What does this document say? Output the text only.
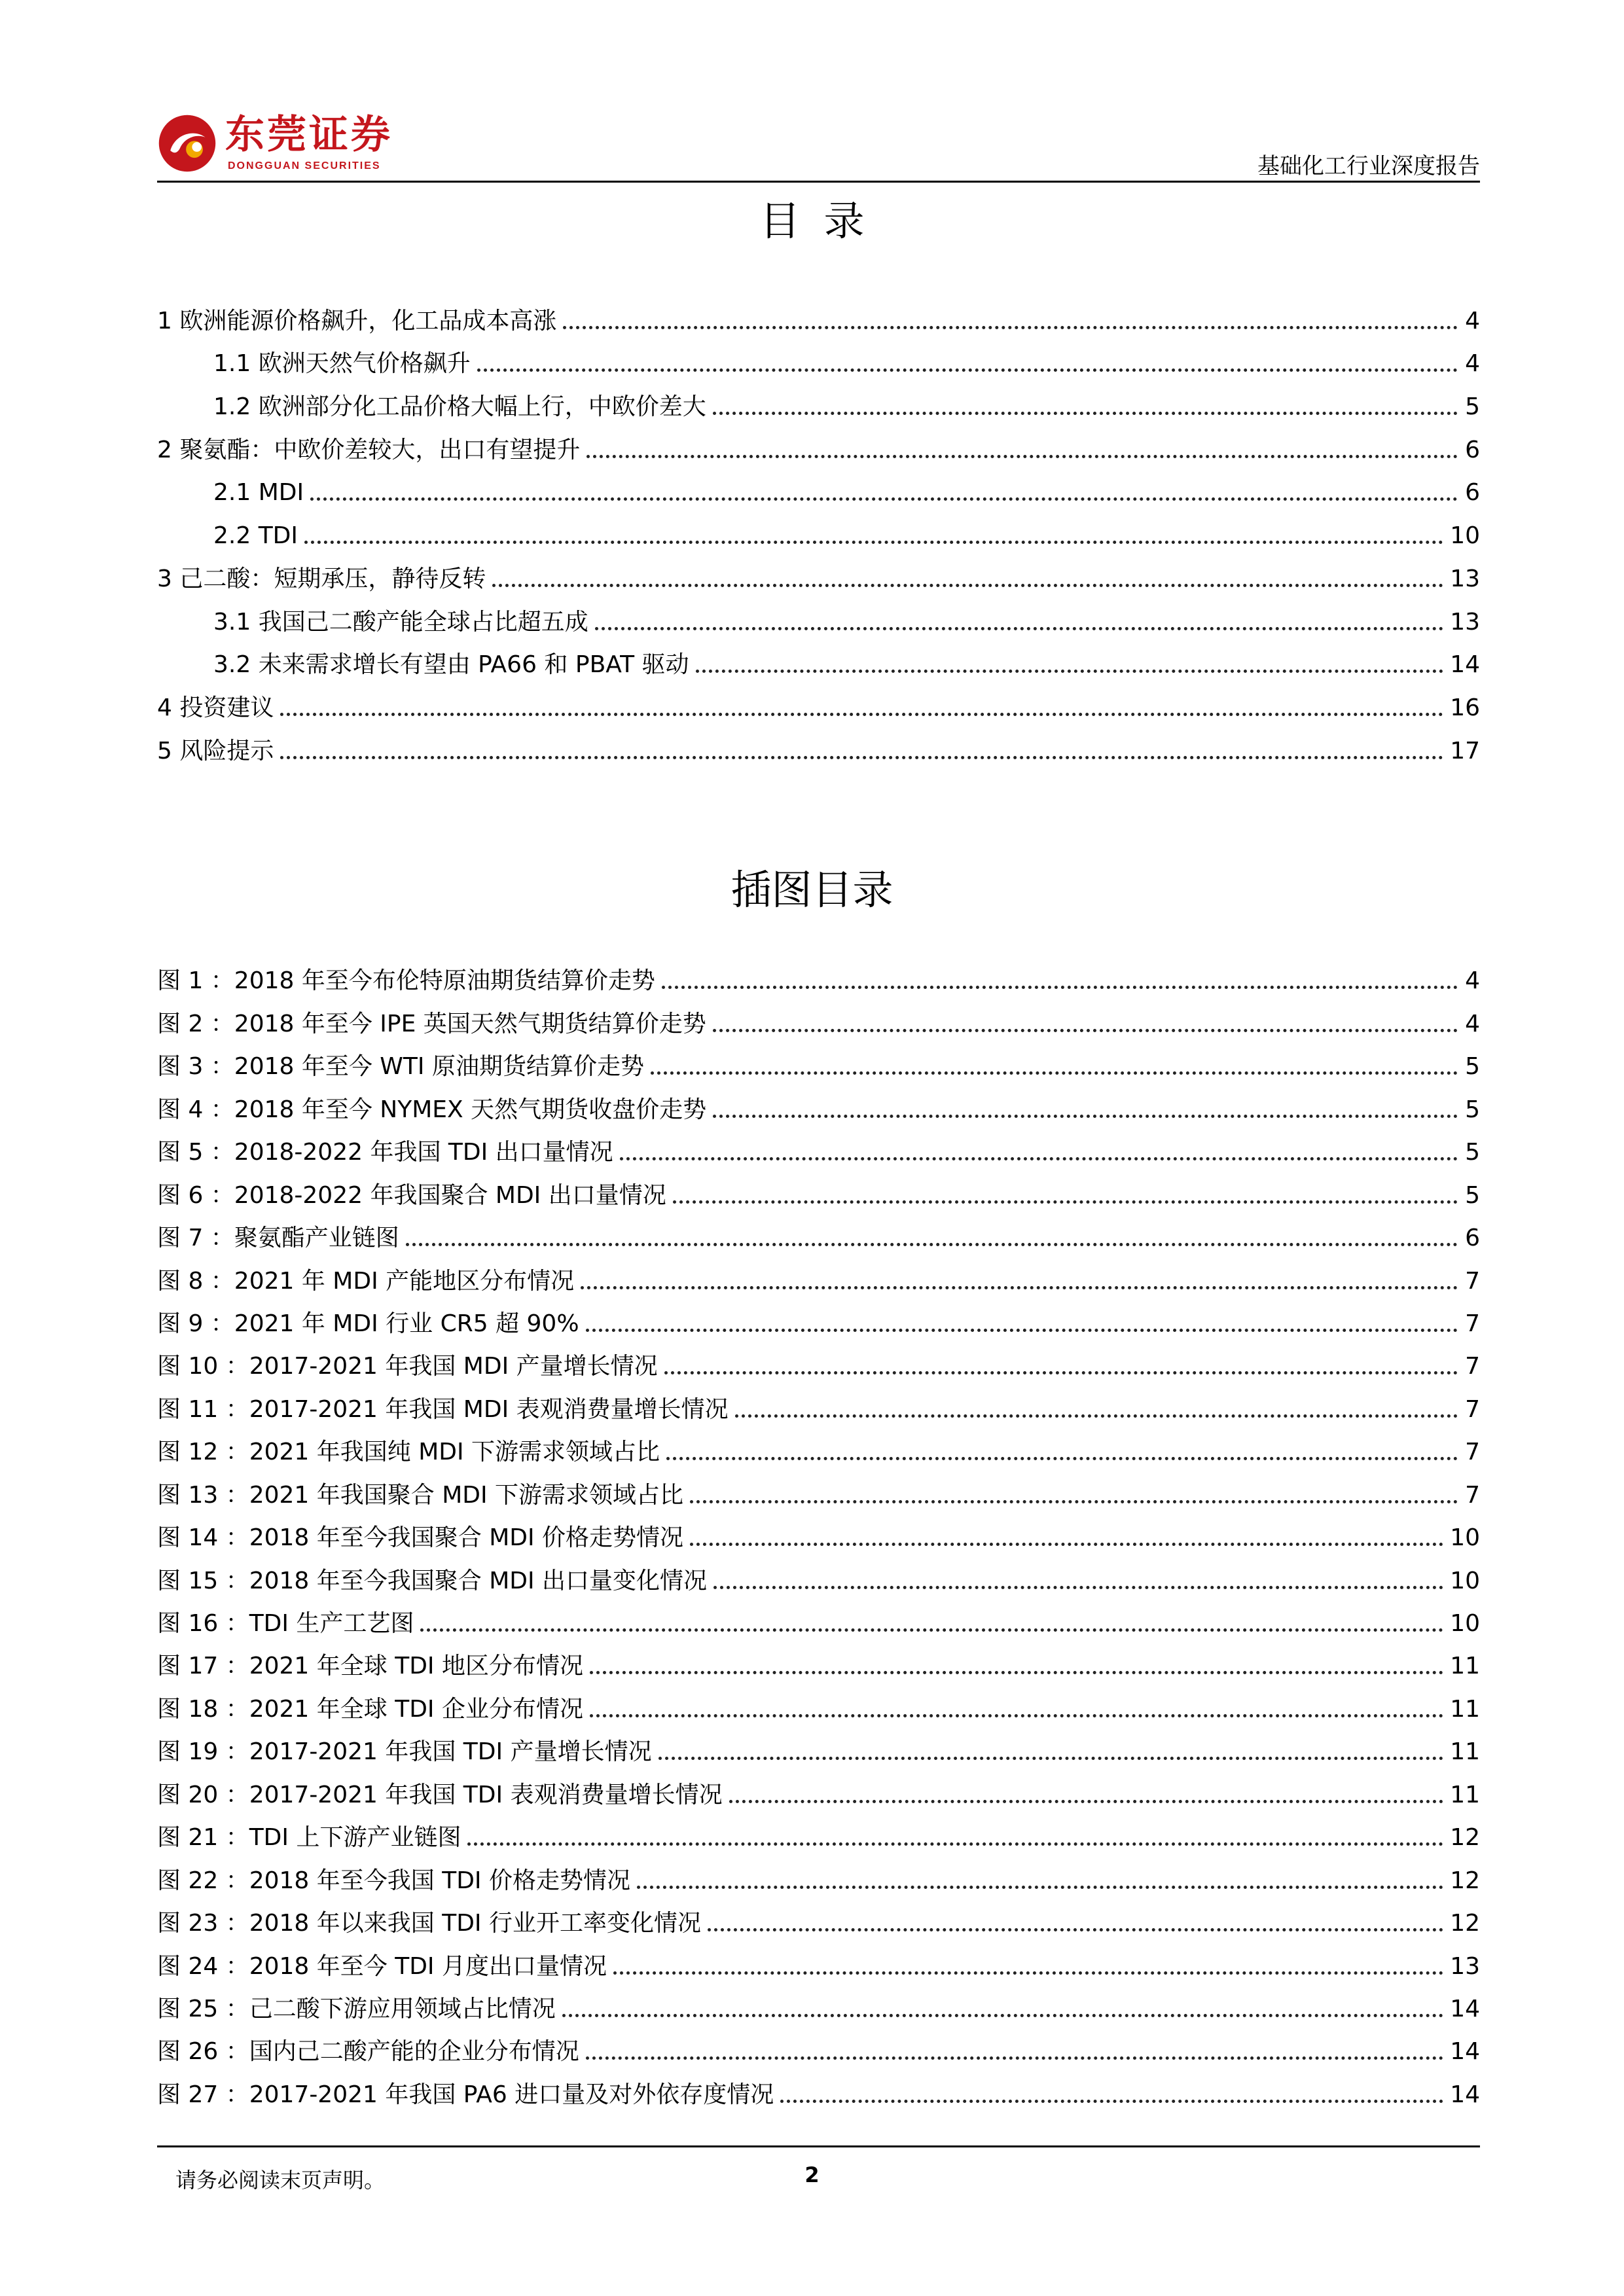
东莞证券
DONGGUAN SECURITIES	基础化工行业深度报告
目录
1 欧洲能源价格飙升，化工品成本高涨	4
1.1 欧洲天然气价格飙升	4
1.2 欧洲部分化工品价格大幅上行，中欧价差大	5
2 聚氨酯：中欧价差较大，出口有望提升	6
2.1 MDI	6
2.2 TDI	10
3 己二酸：短期承压，静待反转	13
3.1 我国己二酸产能全球占比超五成	13
3.2 未来需求增长有望由 PA66 和 PBAT 驱动	14
4 投资建议	16
5 风险提示	17
插图目录
图 1 ：2018 年至今布伦特原油期货结算价走势	4
图 2 ：2018 年至今 IPE 英国天然气期货结算价走势	4
图 3 ：2018 年至今 WTI 原油期货结算价走势	5
图 4 ：2018 年至今 NYMEX 天然气期货收盘价走势	5
图 5 ：2018-2022 年我国 TDI 出口量情况	5
图 6 ：2018-2022 年我国聚合 MDI 出口量情况	5
图 7 ：聚氨酯产业链图	6
图 8 ：2021 年 MDI 产能地区分布情况	7
图 9 ：2021 年 MDI 行业 CR5 超 90%	7
图 10 ：2017-2021 年我国 MDI 产量增长情况	7
图 11 ：2017-2021 年我国 MDI 表观消费量增长情况	7
图 12 ：2021 年我国纯 MDI 下游需求领域占比	7
图 13 ：2021 年我国聚合 MDI 下游需求领域占比	7
图 14 ：2018 年至今我国聚合 MDI 价格走势情况	10
图 15 ：2018 年至今我国聚合 MDI 出口量变化情况	10
图 16 ：TDI 生产工艺图	10
图 17 ：2021 年全球 TDI 地区分布情况	11
图 18 ：2021 年全球 TDI 企业分布情况	11
图 19 ：2017-2021 年我国 TDI 产量增长情况	11
图 20 ：2017-2021 年我国 TDI 表观消费量增长情况	11
图 21 ：TDI 上下游产业链图	12
图 22 ：2018 年至今我国 TDI 价格走势情况	12
图 23 ：2018 年以来我国 TDI 行业开工率变化情况	12
图 24 ：2018 年至今 TDI 月度出口量情况	13
图 25 ：己二酸下游应用领域占比情况	14
图 26 ：国内己二酸产能的企业分布情况	14
图 27 ：2017-2021 年我国 PA6 进口量及对外依存度情况	14
请务必阅读末页声明。	2
